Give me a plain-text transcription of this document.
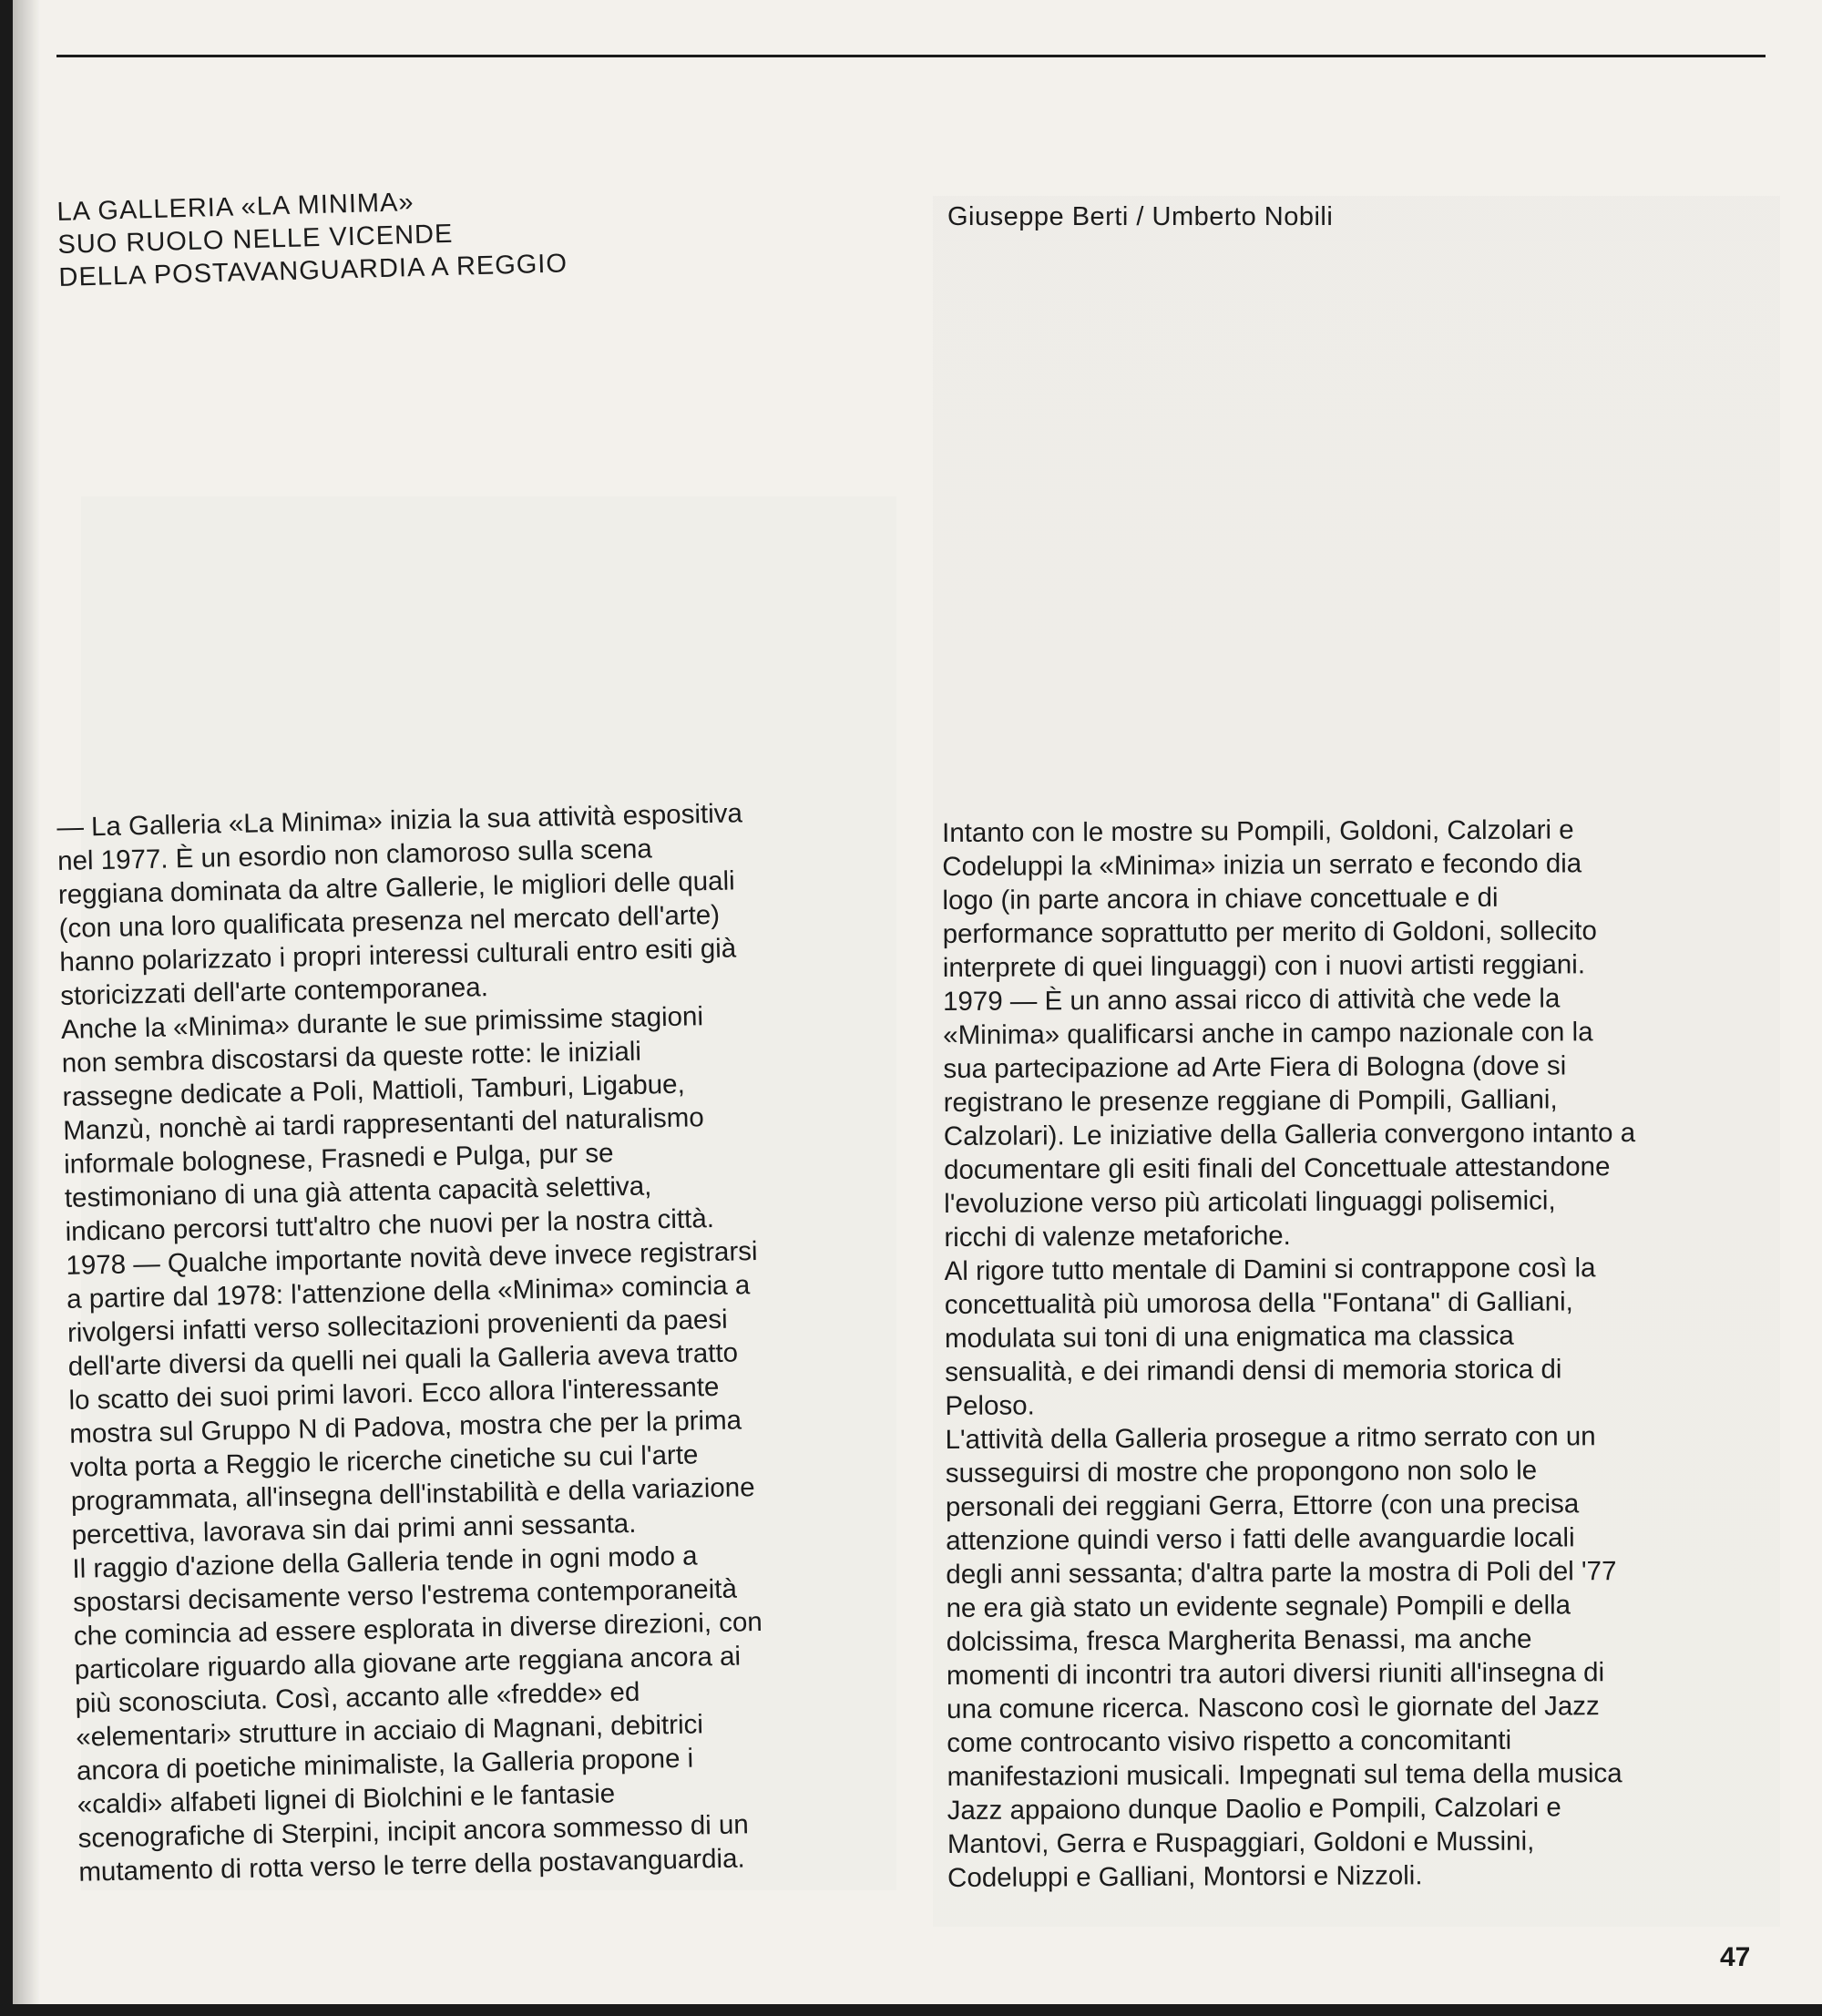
LA GALLERIA «LA MINIMA»
SUO RUOLO NELLE VICENDE
DELLA POSTAVANGUARDIA A REGGIO
Giuseppe Berti / Umberto Nobili

— La Galleria «La Minima» inizia la sua attività espositiva

nel 1977. È un esordio non clamoroso sulla scena

reggiana dominata da altre Gallerie, le migliori delle quali

(con una loro qualificata presenza nel mercato dell'arte)

hanno polarizzato i propri interessi culturali entro esiti già

storicizzati dell'arte contemporanea.

Anche la «Minima» durante le sue primissime stagioni

non sembra discostarsi da queste rotte: le iniziali

rassegne dedicate a Poli, Mattioli, Tamburi, Ligabue,

Manzù, nonchè ai tardi rappresentanti del naturalismo

informale bolognese, Frasnedi e Pulga, pur se

testimoniano di una già attenta capacità selettiva,

indicano percorsi tutt'altro che nuovi per la nostra città.

1978 — Qualche importante novità deve invece registrarsi

a partire dal 1978: l'attenzione della «Minima» comincia a

rivolgersi infatti verso sollecitazioni provenienti da paesi

dell'arte diversi da quelli nei quali la Galleria aveva tratto

lo scatto dei suoi primi lavori. Ecco allora l'interessante

mostra sul Gruppo N di Padova, mostra che per la prima

volta porta a Reggio le ricerche cinetiche su cui l'arte

programmata, all'insegna dell'instabilità e della variazione

percettiva, lavorava sin dai primi anni sessanta.

Il raggio d'azione della Galleria tende in ogni modo a

spostarsi decisamente verso l'estrema contemporaneità

che comincia ad essere esplorata in diverse direzioni, con

particolare riguardo alla giovane arte reggiana ancora ai

più sconosciuta. Così, accanto alle «fredde» ed

«elementari» strutture in acciaio di Magnani, debitrici

ancora di poetiche minimaliste, la Galleria propone i

«caldi» alfabeti lignei di Biolchini e le fantasie

scenografiche di Sterpini, incipit ancora sommesso di un

mutamento di rotta verso le terre della postavanguardia.

Intanto con le mostre su Pompili, Goldoni, Calzolari e

Codeluppi la «Minima» inizia un serrato e fecondo dia

logo (in parte ancora in chiave concettuale e di

performance soprattutto per merito di Goldoni, sollecito

interprete di quei linguaggi) con i nuovi artisti reggiani.

1979 — È un anno assai ricco di attività che vede la

«Minima» qualificarsi anche in campo nazionale con la

sua partecipazione ad Arte Fiera di Bologna (dove si

registrano le presenze reggiane di Pompili, Galliani,

Calzolari). Le iniziative della Galleria convergono intanto a

documentare gli esiti finali del Concettuale attestandone

l'evoluzione verso più articolati linguaggi polisemici,

ricchi di valenze metaforiche.

Al rigore tutto mentale di Damini si contrappone così la

concettualità più umorosa della "Fontana" di Galliani,

modulata sui toni di una enigmatica ma classica

sensualità, e dei rimandi densi di memoria storica di

Peloso.

L'attività della Galleria prosegue a ritmo serrato con un

susseguirsi di mostre che propongono non solo le

personali dei reggiani Gerra, Ettorre (con una precisa

attenzione quindi verso i fatti delle avanguardie locali

degli anni sessanta; d'altra parte la mostra di Poli del '77

ne era già stato un evidente segnale) Pompili e della

dolcissima, fresca Margherita Benassi, ma anche

momenti di incontri tra autori diversi riuniti all'insegna di

una comune ricerca. Nascono così le giornate del Jazz

come controcanto visivo rispetto a concomitanti

manifestazioni musicali. Impegnati sul tema della musica

Jazz appaiono dunque Daolio e Pompili, Calzolari e

Mantovi, Gerra e Ruspaggiari, Goldoni e Mussini,

Codeluppi e Galliani, Montorsi e Nizzoli.

47
